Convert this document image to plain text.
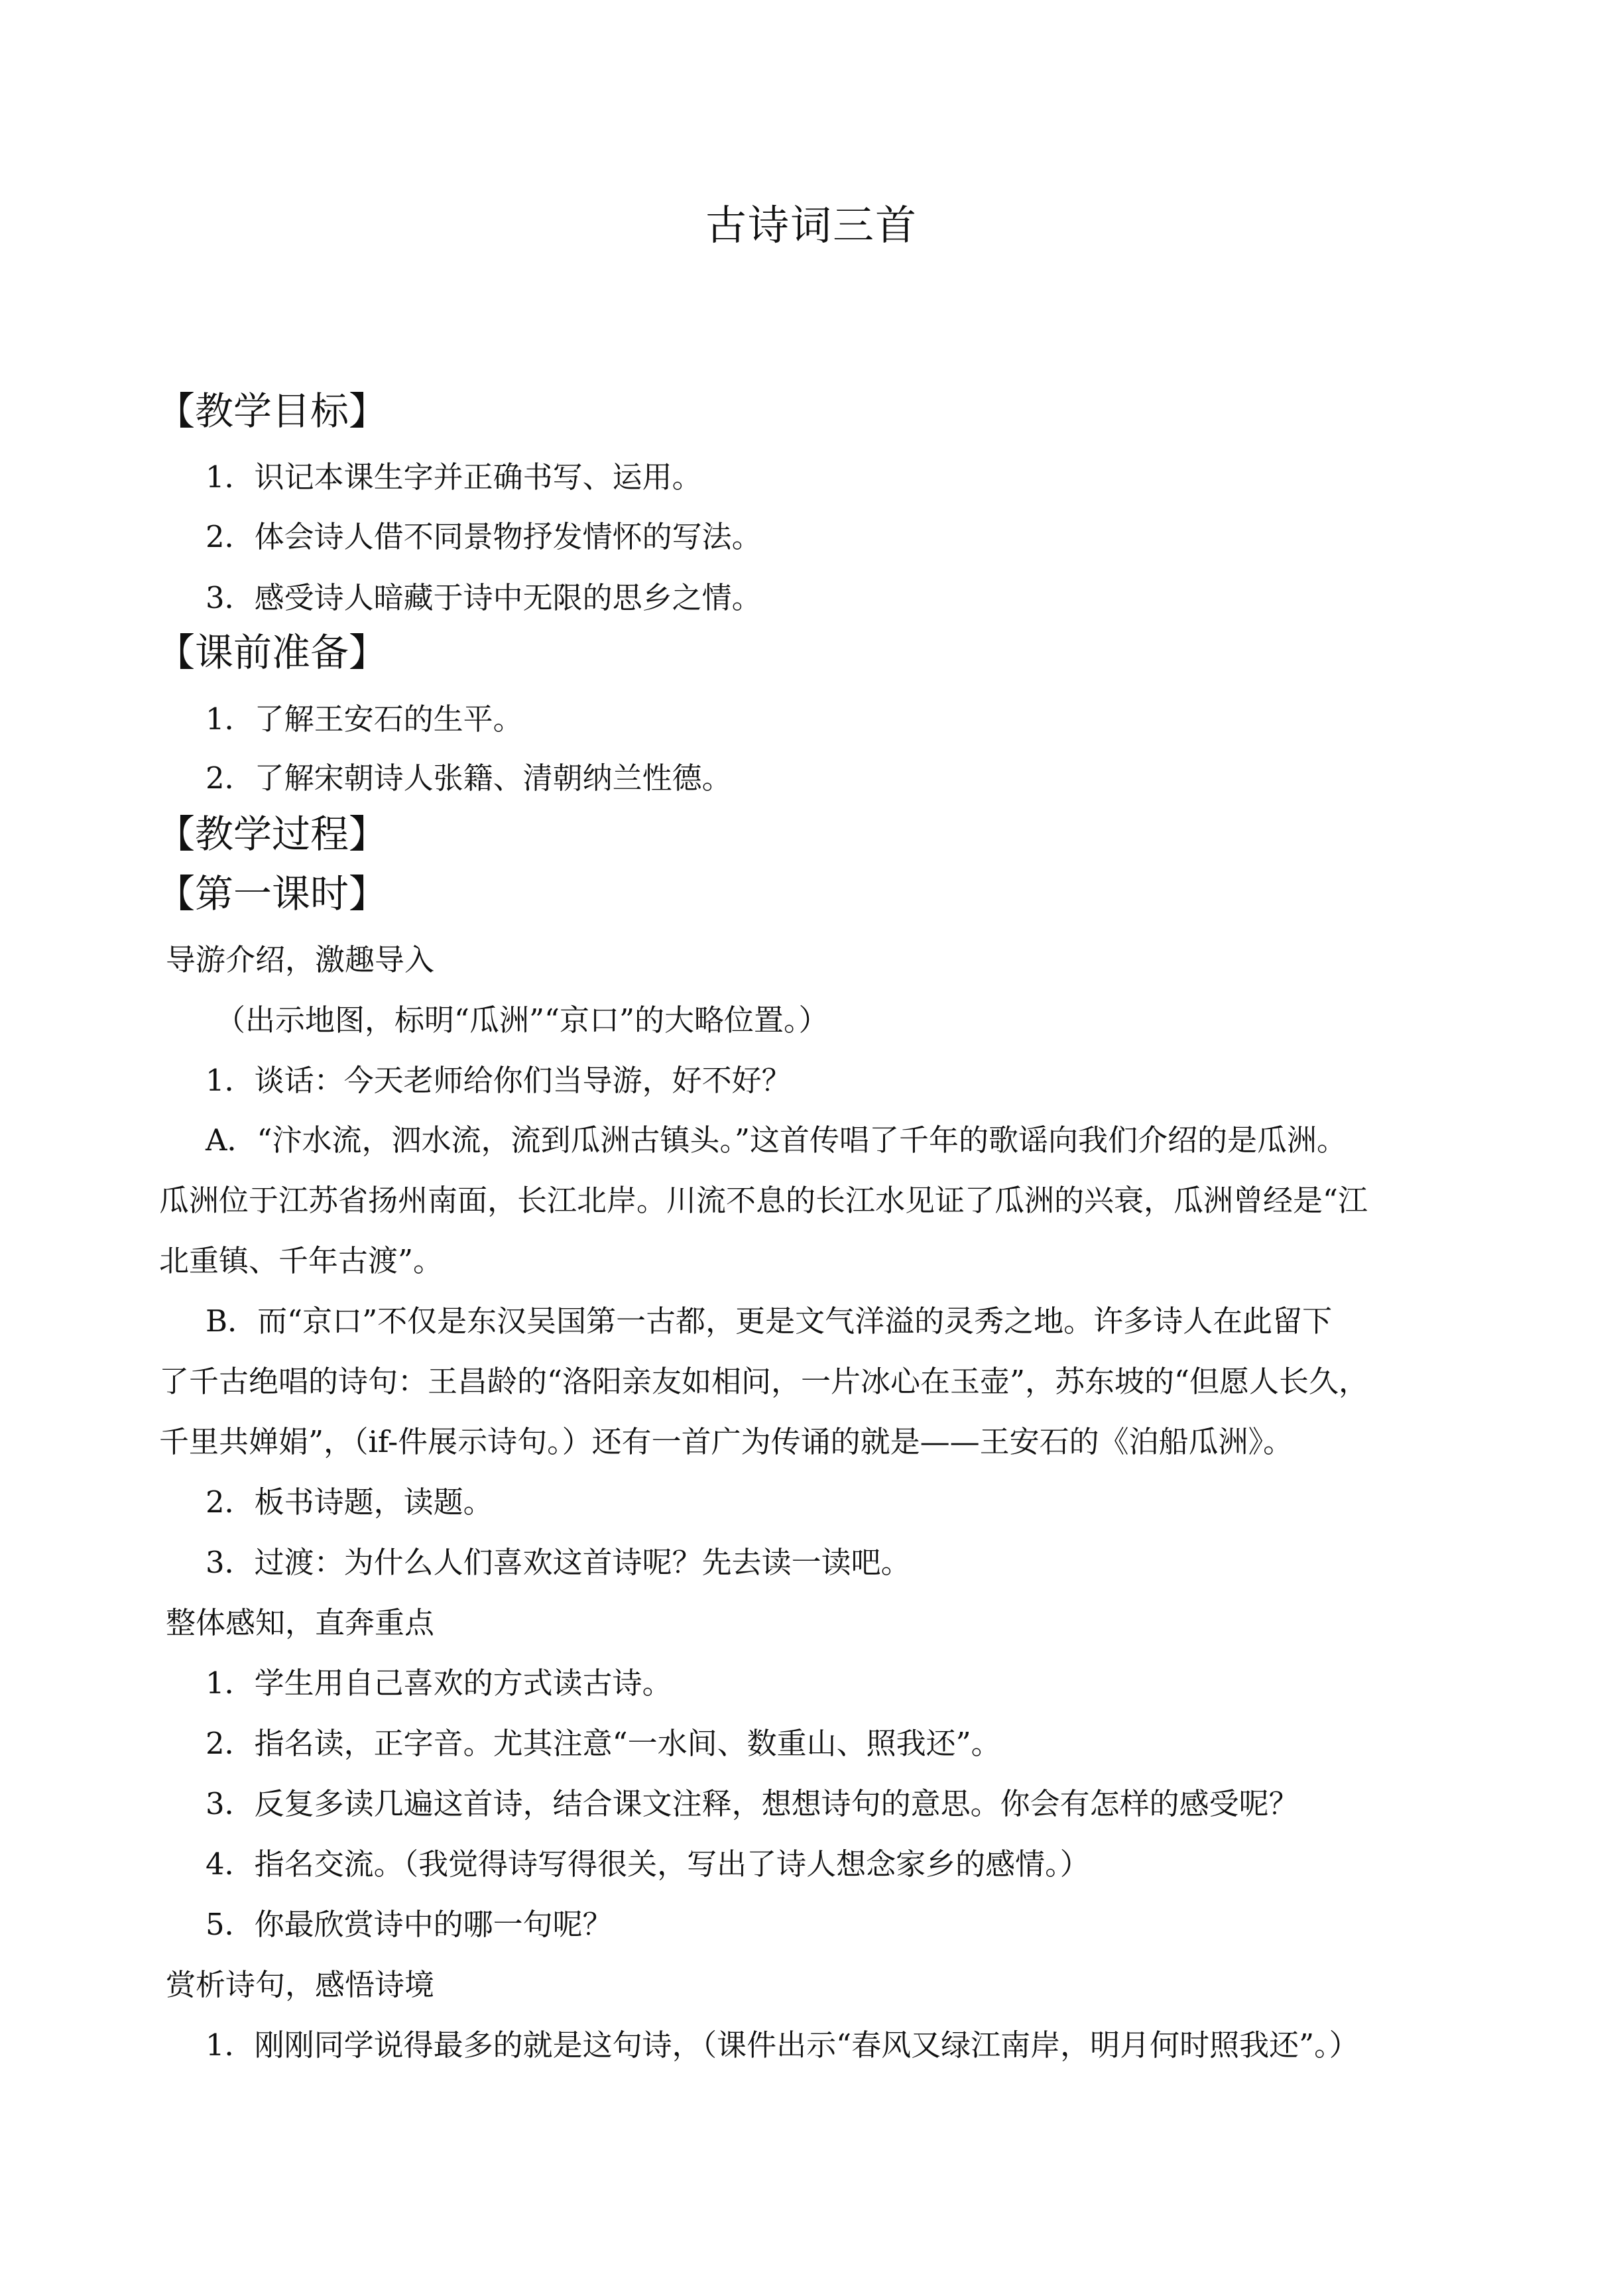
古诗词三首
【教学目标】
1．识记本课生字并正确书写、运用。
2．体会诗人借不同景物抒发情怀的写法。
3．感受诗人暗藏于诗中无限的思乡之情。
【课前准备】
1．了解王安石的生平。
2．了解宋朝诗人张籍、清朝纳兰性德。
【教学过程】
【第一课时】
导游介绍，激趣导入
（出示地图，标明“瓜洲”“京口”的大略位置。）
1．谈话：今天老师给你们当导游，好不好？
A．“汴水流，泗水流，流到瓜洲古镇头。”这首传唱了千年的歌谣向我们介绍的是瓜洲。
瓜洲位于江苏省扬州南面，长江北岸。川流不息的长江水见证了瓜洲的兴衰，瓜洲曾经是“江
北重镇、千年古渡”。
B．而“京口”不仅是东汉吴国第一古都，更是文气洋溢的灵秀之地。许多诗人在此留下
了千古绝唱的诗句：王昌龄的“洛阳亲友如相问，一片冰心在玉壶”，苏东坡的“但愿人长久，
千里共婵娟”，（if-件展示诗句。）还有一首广为传诵的就是——王安石的《泊船瓜洲》。
2．板书诗题，读题。
3．过渡：为什么人们喜欢这首诗呢？先去读一读吧。
整体感知，直奔重点
1．学生用自己喜欢的方式读古诗。
2．指名读，正字音。尤其注意“一水间、数重山、照我还”。
3．反复多读几遍这首诗，结合课文注释，想想诗句的意思。你会有怎样的感受呢？
4．指名交流。（我觉得诗写得很关，写出了诗人想念家乡的感情。）
5．你最欣赏诗中的哪一句呢？
赏析诗句，感悟诗境
1．刚刚同学说得最多的就是这句诗，（课件出示“春风又绿江南岸，明月何时照我还”。）
